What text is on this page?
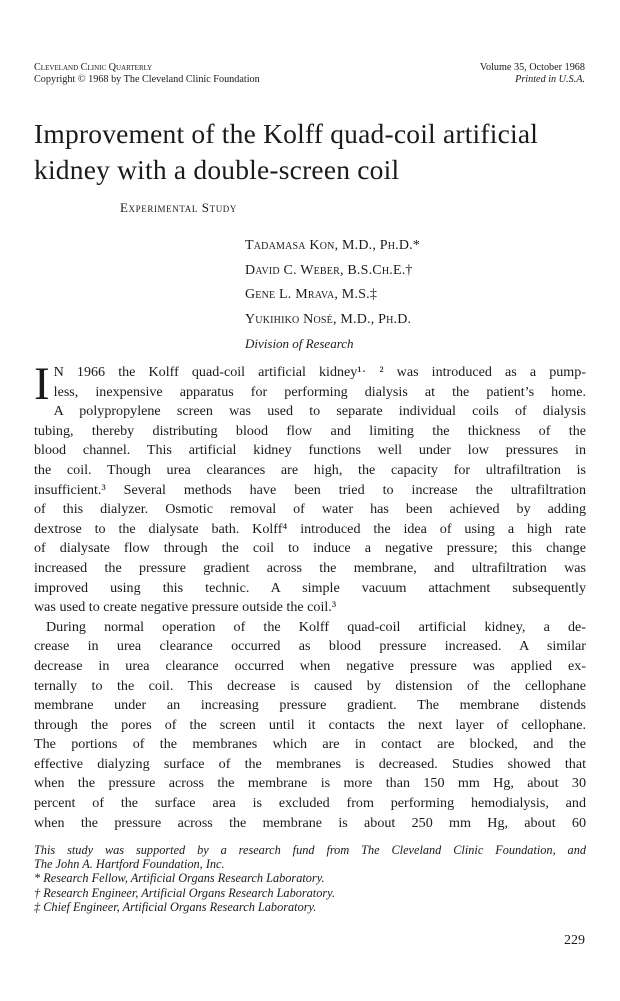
Cleveland Clinic Quarterly
Copyright © 1968 by The Cleveland Clinic Foundation
Volume 35, October 1968
Printed in U.S.A.
Improvement of the Kolff quad-coil artificial
kidney with a double-screen coil
Experimental Study
Tadamasa Kon, M.D., Ph.D.*
David C. Weber, B.S.Ch.E.†
Gene L. Mrava, M.S.‡
Yukihiko Nosé, M.D., Ph.D.
Division of Research

I N 1966 the Kolff quad-coil artificial kidney¹· ² was introduced as a pump-
less, inexpensive apparatus for performing dialysis at the patient’s home.
A polypropylene screen was used to separate individual coils of dialysis
tubing, thereby distributing blood flow and limiting the thickness of the
blood channel. This artificial kidney functions well under low pressures in
the coil. Though urea clearances are high, the capacity for ultrafiltration is
insufficient.³ Several methods have been tried to increase the ultrafiltration
of this dialyzer. Osmotic removal of water has been achieved by adding
dextrose to the dialysate bath. Kolff⁴ introduced the idea of using a high rate
of dialysate flow through the coil to induce a negative pressure; this change
increased the pressure gradient across the membrane, and ultrafiltration was
improved using this technic. A simple vacuum attachment subsequently
was used to create negative pressure outside the coil.³

During normal operation of the Kolff quad-coil artificial kidney, a de-
crease in urea clearance occurred as blood pressure increased. A similar
decrease in urea clearance occurred when negative pressure was applied ex-
ternally to the coil. This decrease is caused by distension of the cellophane
membrane under an increasing pressure gradient. The membrane distends
through the pores of the screen until it contacts the next layer of cellophane.
The portions of the membranes which are in contact are blocked, and the
effective dialyzing surface of the membranes is decreased. Studies showed that
when the pressure across the membrane is more than 150 mm Hg, about 30
percent of the surface area is excluded from performing hemodialysis, and
when the pressure across the membrane is about 250 mm Hg, about 60

This study was supported by a research fund from The Cleveland Clinic Foundation, and
The John A. Hartford Foundation, Inc.
* Research Fellow, Artificial Organs Research Laboratory.
† Research Engineer, Artificial Organs Research Laboratory.
‡ Chief Engineer, Artificial Organs Research Laboratory.
229
